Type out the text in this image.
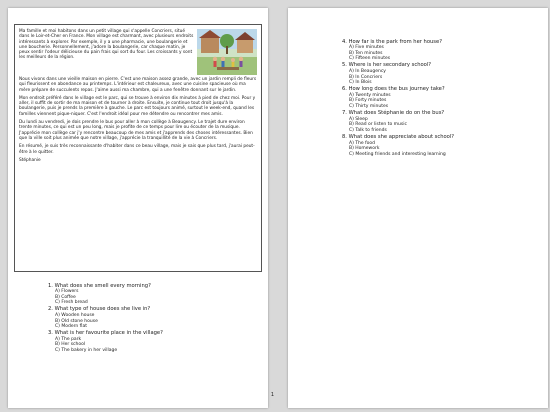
Ma famille et moi habitons dans un petit village qui s'appelle Concriers, situé dans le Loir-et-Cher en France. Mon village est charmant, avec plusieurs endroits intéressants à explorer. Par exemple, il y a une pharmacie, une boulangerie et une boucherie. Personnellement, j'adore la boulangerie, car chaque matin, je peux sentir l'odeur délicieuse du pain frais qui sort du four. Les croissants y sont les meilleurs de la région.
Nous vivons dans une vieille maison en pierre. C'est une maison assez grande, avec un jardin rempli de fleurs qui fleurissent en abondance au printemps. L'intérieur est chaleureux, avec une cuisine spacieuse où ma mère prépare de succulents repas. J'aime aussi ma chambre, qui a une fenêtre donnant sur le jardin.
Mon endroit préféré dans le village est le parc, qui se trouve à environ dix minutes à pied de chez moi. Pour y aller, il suffit de sortir de ma maison et de tourner à droite. Ensuite, je continue tout droit jusqu'à la boulangerie, puis je prends la première à gauche. Le parc est toujours animé, surtout le week-end, quand les familles viennent pique-niquer. C'est l'endroit idéal pour me détendre ou rencontrer mes amis.
Du lundi au vendredi, je dois prendre le bus pour aller à mon collège à Beaugency. Le trajet dure environ trente minutes, ce qui est un peu long, mais je profite de ce temps pour lire ou écouter de la musique. J'apprécie mon collège car j'y rencontre beaucoup de mes amis et j'apprends des choses intéressantes. Bien que la ville soit plus animée que notre village, j'apprécie la tranquillité de la vie à Concriers.
En résumé, je suis très reconnaissante d'habiter dans ce beau village, mais je sais que plus tard, j'aurai peut-être à le quitter.
Stéphanie
1. What does she smell every morning?
A) Flowers
B) Coffee
C) Fresh bread
2. What type of house does she live in?
A) Wooden house
B) Old stone house
C) Modern flat
3. What is her favourite place in the village?
A) The park
B) Her school
C) The bakery in her village
1
4. How far is the park from her house?
A) Five minutes
B) Ten minutes
C) Fifteen minutes
5. Where is her secondary school?
A) In Beaugency
B) In Concriers
C) In Blois
6. How long does the bus journey take?
A) Twenty minutes
B) Forty minutes
C) Thirty minutes
7. What does Stéphanie do on the bus?
A) Sleep
B) Read or listen to music
C) Talk to friends
8. What does she appreciate about school?
A) The food
B) Homework
C) Meeting friends and interesting learning
